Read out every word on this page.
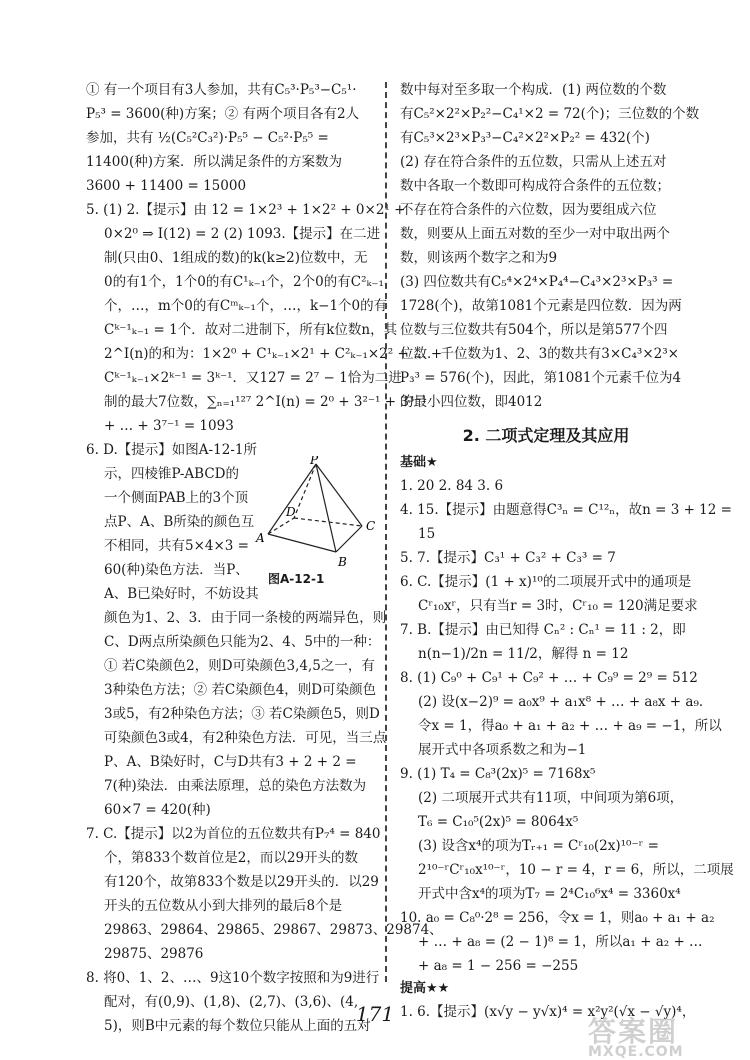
① 有一个项目有3人参加，共有C₅³·P₅³−C₅¹·
P₅³ = 3600(种)方案；② 有两个项目各有2人
参加，共有 ½(C₅²C₃²)·P₅⁵ − C₅²·P₅⁵ =
11400(种)方案．所以满足条件的方案数为
3600 + 11400 = 15000
5. (1) 2.【提示】由 12 = 1×2³ + 1×2² + 0×2¹ +
0×2⁰ ⇒ I(12) = 2 (2) 1093.【提示】在二进
制(只由0、1组成的数)的k(k≥2)位数中，无
0的有1个，1个0的有C¹ₖ₋₁个，2个0的有C²ₖ₋₁
个，…，m个0的有Cᵐₖ₋₁个，…，k−1个0的有
Cᵏ⁻¹ₖ₋₁ = 1个．故对二进制下，所有k位数n，其
2^I(n)的和为：1×2⁰ + C¹ₖ₋₁×2¹ + C²ₖ₋₁×2² + … +
Cᵏ⁻¹ₖ₋₁×2ᵏ⁻¹ = 3ᵏ⁻¹．又127 = 2⁷ − 1恰为二进
制的最大7位数，∑ₙ₌₁¹²⁷ 2^I(n) = 2⁰ + 3²⁻¹ + 3³⁻¹
+ … + 3⁷⁻¹ = 1093
6. D.【提示】如图A-12-1所
示，四棱锥P-ABCD的
一个侧面PAB上的3个顶
点P、A、B所染的颜色互
不相同，共有5×4×3 =
60(种)染色方法．当P、
A、B已染好时，不妨设其
颜色为1、2、3．由于同一条棱的两端异色，则
C、D两点所染颜色只能为2、4、5中的一种：
① 若C染颜色2，则D可染颜色3,4,5之一，有
3种染色方法；② 若C染颜色4，则D可染颜色
3或5，有2种染色方法；③ 若C染颜色5，则D
可染颜色3或4，有2种染色方法．可见，当三点
P、A、B染好时，C与D共有3 + 2 + 2 =
7(种)染法．由乘法原理，总的染色方法数为
60×7 = 420(种)
7. C.【提示】以2为首位的五位数共有P₇⁴ = 840
个，第833个数首位是2，而以29开头的数
有120个，故第833个数是以29开头的．以29
开头的五位数从小到大排列的最后8个是
29863、29864、29865、29867、29873、29874、
29875、29876
8. 将0、1、2、…、9这10个数字按照和为9进行
配对，有(0,9)、(1,8)、(2,7)、(3,6)、(4,
5)，则B中元素的每个数位只能从上面的五对
P
A
B
C
D
图A-12-1
数中每对至多取一个构成．(1) 两位数的个数
有C₅²×2²×P₂²−C₄¹×2 = 72(个)；三位数的个数
有C₅³×2³×P₃³−C₄²×2²×P₂² = 432(个)
(2) 存在符合条件的五位数，只需从上述五对
数中各取一个数即可构成符合条件的五位数；
不存在符合条件的六位数，因为要组成六位
数，则要从上面五对数的至少一对中取出两个
数，则该两个数字之和为9
(3) 四位数共有C₅⁴×2⁴×P₄⁴−C₄³×2³×P₃³ =
1728(个)，故第1081个元素是四位数．因为两
位数与三位数共有504个，所以是第577个四
位数．千位数为1、2、3的数共有3×C₄³×2³×
P₃³ = 576(个)，因此，第1081个元素千位为4
的最小四位数，即4012
2. 二项式定理及其应用
基础★
1. 20 2. 84 3. 6
4. 15.【提示】由题意得C³ₙ = C¹²ₙ，故n = 3 + 12 =
15
5. 7.【提示】C₃¹ + C₃² + C₃³ = 7
6. C.【提示】(1 + x)¹⁰的二项展开式中的通项是
Cʳ₁₀xʳ，只有当r = 3时，Cʳ₁₀ = 120满足要求
7. B.【提示】由已知得 Cₙ² : Cₙ¹ = 11 : 2，即
n(n−1)/2n = 11/2，解得 n = 12
8. (1) C₉⁰ + C₉¹ + C₉² + … + C₉⁹ = 2⁹ = 512
(2) 设(x−2)⁹ = a₀x⁹ + a₁x⁸ + … + a₈x + a₉．
令x = 1，得a₀ + a₁ + a₂ + … + a₉ = −1，所以
展开式中各项系数之和为−1
9. (1) T₄ = C₈³(2x)⁵ = 7168x⁵
(2) 二项展开式共有11项，中间项为第6项，
T₆ = C₁₀⁵(2x)⁵ = 8064x⁵
(3) 设含x⁴的项为Tᵣ₊₁ = Cʳ₁₀(2x)¹⁰⁻ʳ =
2¹⁰⁻ʳCʳ₁₀x¹⁰⁻ʳ，10 − r = 4，r = 6，所以，二项展
开式中含x⁴的项为T₇ = 2⁴C₁₀⁶x⁴ = 3360x⁴
10. a₀ = C₈⁰·2⁸ = 256，令x = 1，则a₀ + a₁ + a₂
+ … + a₈ = (2 − 1)⁸ = 1，所以a₁ + a₂ + …
+ a₈ = 1 − 256 = −255
提高★★
1. 6.【提示】(x√y − y√x)⁴ = x²y²(√x − √y)⁴，
171
答案圈
MXQE.COM
